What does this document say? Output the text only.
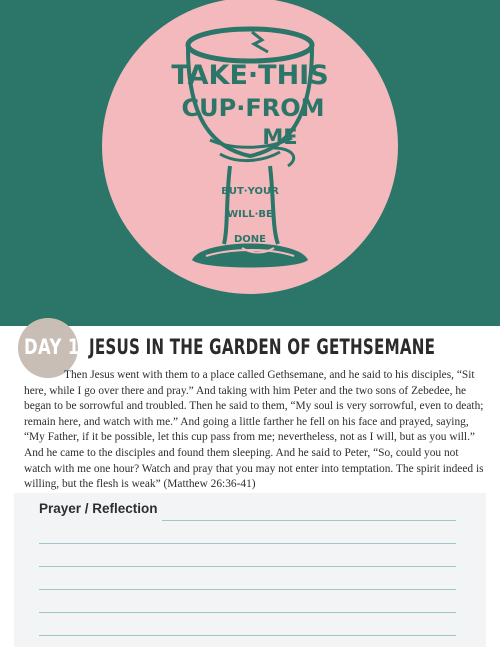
TAKE·THIS
CUP·FROM
ME
BUT·YOUR
WILL·BE
DONE
DAY 1: JESUS IN THE GARDEN OF GETHSEMANE

Then Jesus went with them to a place called Gethsemane, and he said to his disciples, “Sit here, while I go over there and pray.” And taking with him Peter and the two sons of Zebedee, he began to be sorrowful and troubled. Then he said to them, “My soul is very sorrowful, even to death; remain here, and watch with me.” And going a little farther he fell on his face and prayed, saying, “My Father, if it be possible, let this cup pass from me; nevertheless, not as I will, but as you will.” And he came to the disciples and found them sleeping. And he said to Peter, “So, could you not watch with me one hour? Watch and pray that you may not enter into temptation. The spirit indeed is willing, but the flesh is weak” (Matthew 26:36-41)

Prayer / Reflection
